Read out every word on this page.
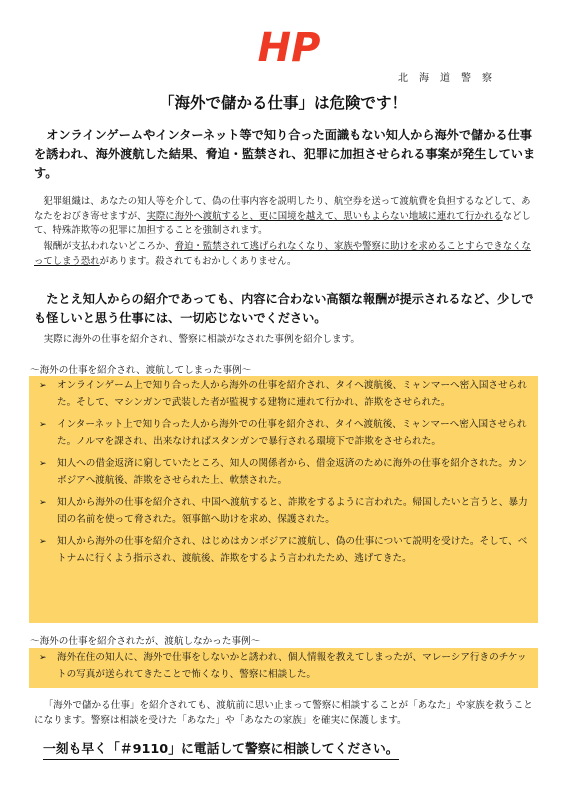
HP
北海道警察
「海外で儲かる仕事」は危険です！

オンラインゲームやインターネット等で知り合った面識もない知人から海外で儲かる仕事を誘われ、海外渡航した結果、脅迫・監禁され、犯罪に加担させられる事案が発生しています。

犯罪組織は、あなたの知人等を介して、偽の仕事内容を説明したり、航空券を送って渡航費を負担するなどして、あなたをおびき寄せますが、実際に海外へ渡航すると、更に国境を越えて、思いもよらない地域に連れて行かれるなどして、特殊詐欺等の犯罪に加担することを強制されます。

報酬が支払われないどころか、脅迫・監禁されて逃げられなくなり、家族や警察に助けを求めることすらできなくなってしまう恐れがあります。殺されてもおかしくありません。

たとえ知人からの紹介であっても、内容に合わない高額な報酬が提示されるなど、少しでも怪しいと思う仕事には、一切応じないでください。

実際に海外の仕事を紹介され、警察に相談がなされた事例を紹介します。

～海外の仕事を紹介され、渡航してしまった事例～

➢ オンラインゲーム上で知り合った人から海外の仕事を紹介され、タイへ渡航後、ミャンマーへ密入国させられた。そして、マシンガンで武装した者が監視する建物に連れて行かれ、詐欺をさせられた。

➢ インターネット上で知り合った人から海外での仕事を紹介され、タイへ渡航後、ミャンマーへ密入国させられた。ノルマを課され、出来なければスタンガンで暴行される環境下で詐欺をさせられた。

➢ 知人への借金返済に窮していたところ、知人の関係者から、借金返済のために海外の仕事を紹介された。カンボジアへ渡航後、詐欺をさせられた上、軟禁された。

➢ 知人から海外の仕事を紹介され、中国へ渡航すると、詐欺をするように言われた。帰国したいと言うと、暴力団の名前を使って脅された。領事館へ助けを求め、保護された。

➢ 知人から海外の仕事を紹介され、はじめはカンボジアに渡航し、偽の仕事について説明を受けた。そして、ベトナムに行くよう指示され、渡航後、詐欺をするよう言われたため、逃げてきた。

～海外の仕事を紹介されたが、渡航しなかった事例～

➢ 海外在住の知人に、海外で仕事をしないかと誘われ、個人情報を教えてしまったが、マレーシア行きのチケットの写真が送られてきたことで怖くなり、警察に相談した。

「海外で儲かる仕事」を紹介されても、渡航前に思い止まって警察に相談することが「あなた」や家族を救うことになります。警察は相談を受けた「あなた」や「あなたの家族」を確実に保護します。

一刻も早く「＃9110」に電話して警察に相談してください。
